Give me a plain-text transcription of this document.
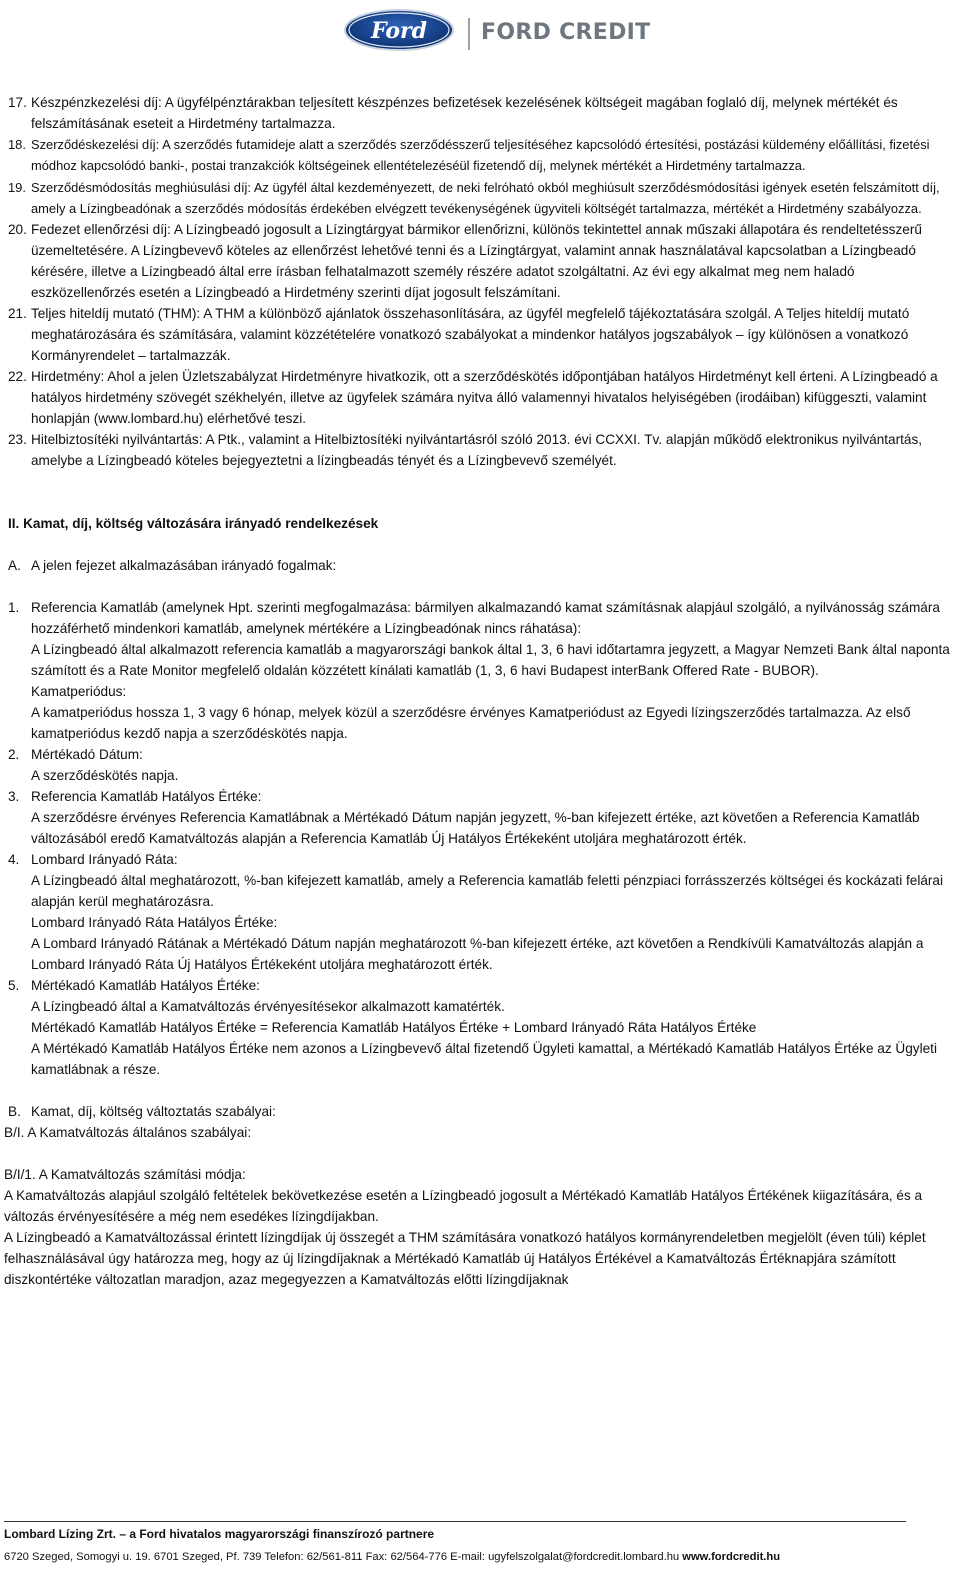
Ford FORD CREDIT
17. Készpénzkezelési díj: A ügyfélpénztárakban teljesített készpénzes befizetések kezelésének költségeit magában foglaló díj, melynek mértékét és felszámításának eseteit a Hirdetmény tartalmazza.
18. Szerződéskezelési díj: A szerződés futamideje alatt a szerződés szerződésszerű teljesítéséhez kapcsolódó értesítési, postázási küldemény előállítási, fizetési módhoz kapcsolódó banki-, postai tranzakciók költségeinek ellentételezéséül fizetendő díj, melynek mértékét a Hirdetmény tartalmazza.
19. Szerződésmódosítás meghiúsulási díj: Az ügyfél által kezdeményezett, de neki felróható okból meghiúsult szerződésmódosítási igények esetén felszámított díj, amely a Lízingbeadónak a szerződés módosítás érdekében elvégzett tevékenységének ügyviteli költségét tartalmazza, mértékét a Hirdetmény szabályozza.
20. Fedezet ellenőrzési díj: A Lízingbeadó jogosult a Lízingtárgyat bármikor ellenőrizni, különös tekintettel annak műszaki állapotára és rendeltetésszerű üzemeltetésére. A Lízingbevevő köteles az ellenőrzést lehetővé tenni és a Lízingtárgyat, valamint annak használatával kapcsolatban a Lízingbeadó kérésére, illetve a Lízingbeadó által erre írásban felhatalmazott személy részére adatot szolgáltatni. Az évi egy alkalmat meg nem haladó eszközellenőrzés esetén a Lízingbeadó a Hirdetmény szerinti díjat jogosult felszámítani.
21. Teljes hiteldíj mutató (THM): A THM a különböző ajánlatok összehasonlítására, az ügyfél megfelelő tájékoztatására szolgál. A Teljes hiteldíj mutató meghatározására és számítására, valamint közzétételére vonatkozó szabályokat a mindenkor hatályos jogszabályok – így különösen a vonatkozó Kormányrendelet – tartalmazzák.
22. Hirdetmény: Ahol a jelen Üzletszabályzat Hirdetményre hivatkozik, ott a szerződéskötés időpontjában hatályos Hirdetményt kell érteni. A Lízingbeadó a hatályos hirdetmény szövegét székhelyén, illetve az ügyfelek számára nyitva álló valamennyi hivatalos helyiségében (irodáiban) kifüggeszti, valamint honlapján (www.lombard.hu) elérhetővé teszi.
23. Hitelbiztosítéki nyilvántartás: A Ptk., valamint a Hitelbiztosítéki nyilvántartásról szóló 2013. évi CCXXI. Tv. alapján működő elektronikus nyilvántartás, amelybe a Lízingbeadó köteles bejegyeztetni a lízingbeadás tényét és a Lízingbevevő személyét.
II. Kamat, díj, költség változására irányadó rendelkezések
A. A jelen fejezet alkalmazásában irányadó fogalmak:
1. Referencia Kamatláb (amelynek Hpt. szerinti megfogalmazása: bármilyen alkalmazandó kamat számításnak alapjául szolgáló, a nyilvánosság számára hozzáférhető mindenkori kamatláb, amelynek mértékére a Lízingbeadónak nincs ráhatása):
A Lízingbeadó által alkalmazott referencia kamatláb a magyarországi bankok által 1, 3, 6 havi időtartamra jegyzett, a Magyar Nemzeti Bank által naponta számított és a Rate Monitor megfelelő oldalán közzétett kínálati kamatláb (1, 3, 6 havi Budapest interBank Offered Rate - BUBOR).
Kamatperiódus:
A kamatperiódus hossza 1, 3 vagy 6 hónap, melyek közül a szerződésre érvényes Kamatperiódust az Egyedi lízingszerződés tartalmazza. Az első kamatperiódus kezdő napja a szerződéskötés napja.
2. Mértékadó Dátum:
A szerződéskötés napja.
3. Referencia Kamatláb Hatályos Értéke:
A szerződésre érvényes Referencia Kamatlábnak a Mértékadó Dátum napján jegyzett, %-ban kifejezett értéke, azt követően a Referencia Kamatláb változásából eredő Kamatváltozás alapján a Referencia Kamatláb Új Hatályos Értékeként utoljára meghatározott érték.
4. Lombard Irányadó Ráta:
A Lízingbeadó által meghatározott, %-ban kifejezett kamatláb, amely a Referencia kamatláb feletti pénzpiaci forrásszerzés költségei és kockázati felárai alapján kerül meghatározásra.
Lombard Irányadó Ráta Hatályos Értéke:
A Lombard Irányadó Rátának a Mértékadó Dátum napján meghatározott %-ban kifejezett értéke, azt követően a Rendkívüli Kamatváltozás alapján a Lombard Irányadó Ráta Új Hatályos Értékeként utoljára meghatározott érték.
5. Mértékadó Kamatláb Hatályos Értéke:
A Lízingbeadó által a Kamatváltozás érvényesítésekor alkalmazott kamatérték.
Mértékadó Kamatláb Hatályos Értéke = Referencia Kamatláb Hatályos Értéke + Lombard Irányadó Ráta Hatályos Értéke
A Mértékadó Kamatláb Hatályos Értéke nem azonos a Lízingbevevő által fizetendő Ügyleti kamattal, a Mértékadó Kamatláb Hatályos Értéke az Ügyleti kamatlábnak a része.
B. Kamat, díj, költség változtatás szabályai:
B/I. A Kamatváltozás általános szabályai:
B/I/1. A Kamatváltozás számítási módja:
A Kamatváltozás alapjául szolgáló feltételek bekövetkezése esetén a Lízingbeadó jogosult a Mértékadó Kamatláb Hatályos Értékének kiigazítására, és a változás érvényesítésére a még nem esedékes lízingdíjakban.
A Lízingbeadó a Kamatváltozással érintett lízingdíjak új összegét a THM számítására vonatkozó hatályos kormányrendeletben megjelölt (éven túli) képlet felhasználásával úgy határozza meg, hogy az új lízingdíjaknak a Mértékadó Kamatláb új Hatályos Értékével a Kamatváltozás Értéknapjára számított diszkontértéke változatlan maradjon, azaz megegyezzen a Kamatváltozás előtti lízingdíjaknak
Lombard Lízing Zrt. – a Ford hivatalos magyarországi finanszírozó partnere
6720 Szeged, Somogyi u. 19. 6701 Szeged, Pf. 739 Telefon: 62/561-811 Fax: 62/564-776 E-mail: ugyfelszolgalat@fordcredit.lombard.hu www.fordcredit.hu
